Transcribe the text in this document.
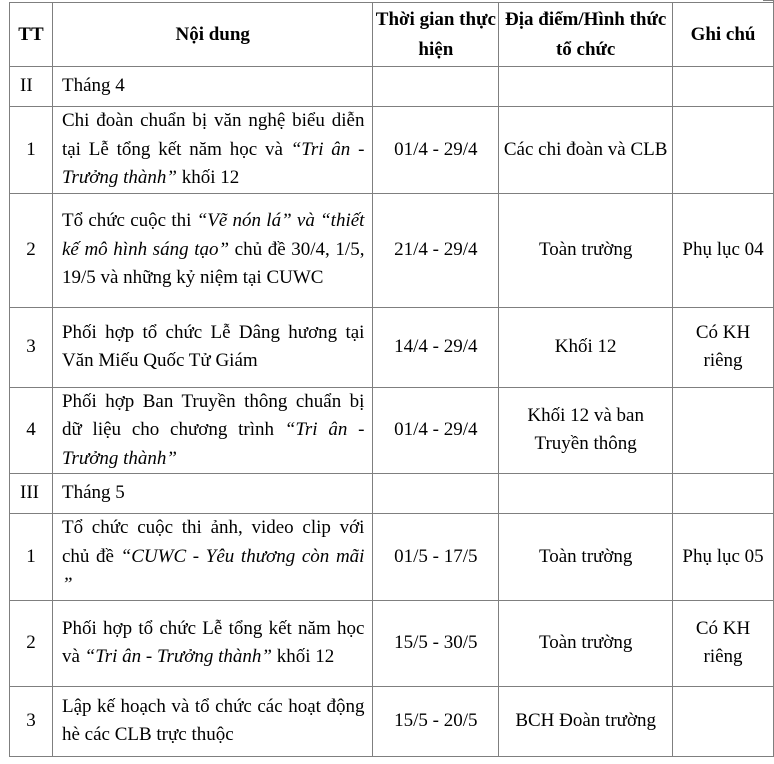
TT	Nội dung	Thời gian thực hiện	Địa điểm/Hình thức tổ chức	Ghi chú
II	Tháng 4			
1	Chi đoàn chuẩn bị văn nghệ biểu diễn tại Lễ tổng kết năm học và “Tri ân - Trưởng thành” khối 12	01/4 - 29/4	Các chi đoàn và CLB	
2	Tổ chức cuộc thi “Vẽ nón lá” và “thiết kế mô hình sáng tạo” chủ đề 30/4, 1/5, 19/5 và những kỷ niệm tại CUWC	21/4 - 29/4	Toàn trường	Phụ lục 04
3	Phối hợp tổ chức Lễ Dâng hương tại Văn Miếu Quốc Tử Giám	14/4 - 29/4	Khối 12	Có KH riêng
4	Phối hợp Ban Truyền thông chuẩn bị dữ liệu cho chương trình “Tri ân - Trưởng thành”	01/4 - 29/4	Khối 12 và ban Truyền thông	
III	Tháng 5			
1	Tổ chức cuộc thi ảnh, video clip với chủ đề “CUWC - Yêu thương còn mãi ”	01/5 - 17/5	Toàn trường	Phụ lục 05
2	Phối hợp tổ chức Lễ tổng kết năm học và “Tri ân - Trưởng thành” khối 12	15/5 - 30/5	Toàn trường	Có KH riêng
3	Lập kế hoạch và tổ chức các hoạt động hè các CLB trực thuộc	15/5 - 20/5	BCH Đoàn trường	
